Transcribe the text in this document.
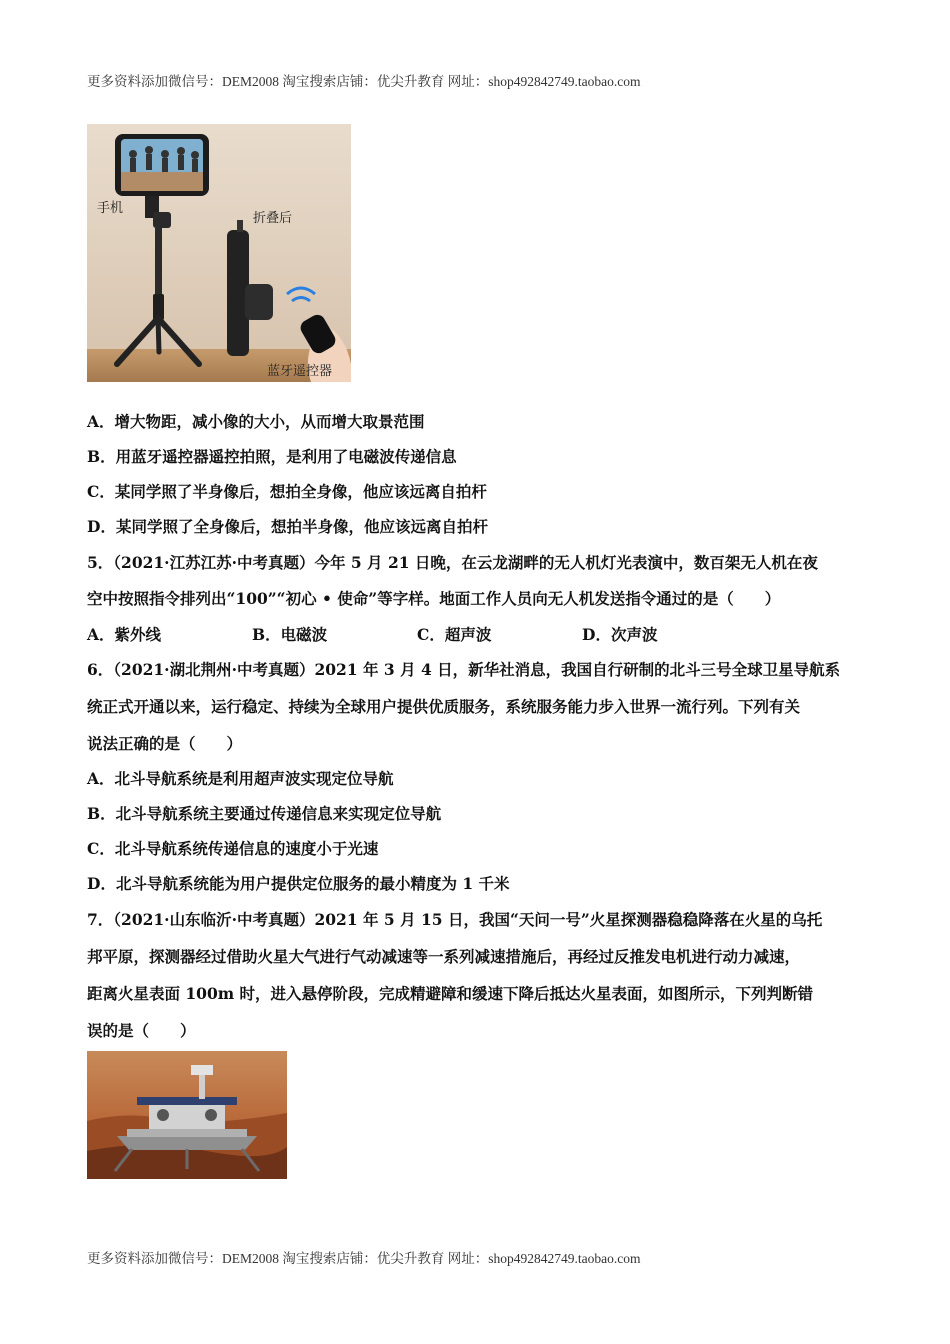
更多资料添加微信号：DEM2008 淘宝搜索店铺：优尖升教育 网址：shop492842749.taobao.com
手机
折叠后
蓝牙遥控器
A．增大物距，减小像的大小，从而增大取景范围
B．用蓝牙遥控器遥控拍照，是利用了电磁波传递信息
C．某同学照了半身像后，想拍全身像，他应该远离自拍杆
D．某同学照了全身像后，想拍半身像，他应该远离自拍杆
5．（2021·江苏江苏·中考真题）今年 5 月 21 日晚，在云龙湖畔的无人机灯光表演中，数百架无人机在夜
空中按照指令排列出“100”“初心 • 使命”等字样。地面工作人员向无人机发送指令通过的是（　　）
A．紫外线	B．电磁波	C．超声波	D．次声波
6．（2021·湖北荆州·中考真题）2021 年 3 月 4 日，新华社消息，我国自行研制的北斗三号全球卫星导航系
统正式开通以来，运行稳定、持续为全球用户提供优质服务，系统服务能力步入世界一流行列。下列有关
说法正确的是（　　）
A．北斗导航系统是利用超声波实现定位导航
B．北斗导航系统主要通过传递信息来实现定位导航
C．北斗导航系统传递信息的速度小于光速
D．北斗导航系统能为用户提供定位服务的最小精度为 1 千米
7．（2021·山东临沂·中考真题）2021 年 5 月 15 日，我国“天问一号”火星探测器稳稳降落在火星的乌托
邦平原，探测器经过借助火星大气进行气动减速等一系列减速措施后，再经过反推发电机进行动力减速，
距离火星表面 100m 时，进入悬停阶段，完成精避障和缓速下降后抵达火星表面，如图所示，下列判断错
误的是（　　）
更多资料添加微信号：DEM2008 淘宝搜索店铺：优尖升教育 网址：shop492842749.taobao.com
